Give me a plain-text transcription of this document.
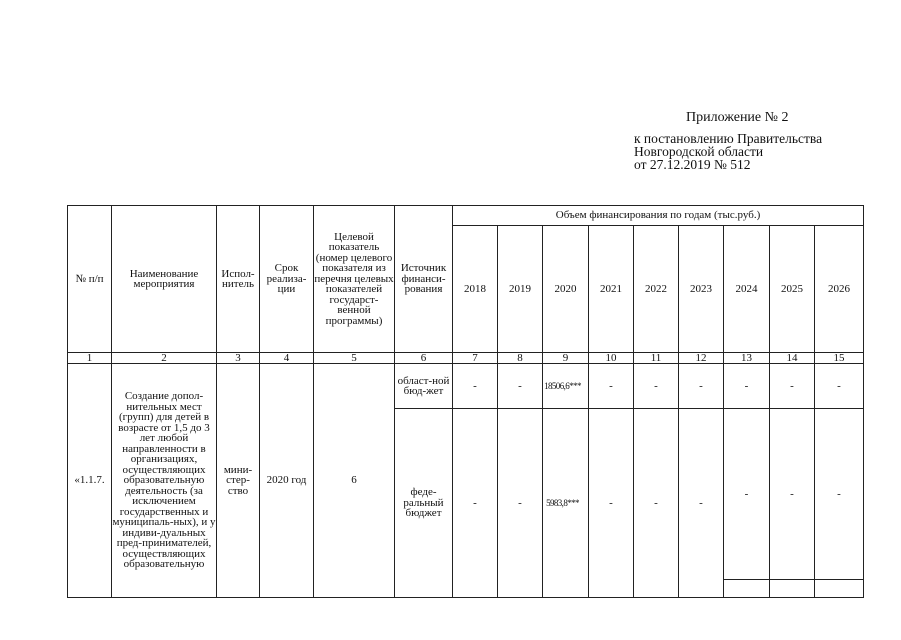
Приложение № 2
к постановлению Правительства
Новгородской области
от 27.12.2019 № 512
№ п/п	Наименование мероприятия	Испол-нитель	Срок реализа-ции	Целевой показатель (номер целевого показателя из перечня целевых показателей государст-венной программы)	Источник финанси-рования	Объем финансирования по годам (тыс.руб.)								
						2018	2019	2020	2021	2022	2023	2024	2025	2026
1	2	3	4	5	6	7	8	9	10	11	12	13	14	15
«1.1.7.	Создание допол-нительных мест (групп) для детей в возрасте от 1,5 до 3 лет любой направленности в организациях, осуществляющих образовательную деятельность (за исключением государственных и муниципаль-ных), и у индиви-дуальных пред-принимателей, осуществляющих образовательную	мини-стер-ство	2020 год	6	област-ной бюд-жет	-	-	18506,6***	-	-	-	-	-	-
					феде-ральный бюджет	-	-	5983,8***	-	-	-	-	-	-
